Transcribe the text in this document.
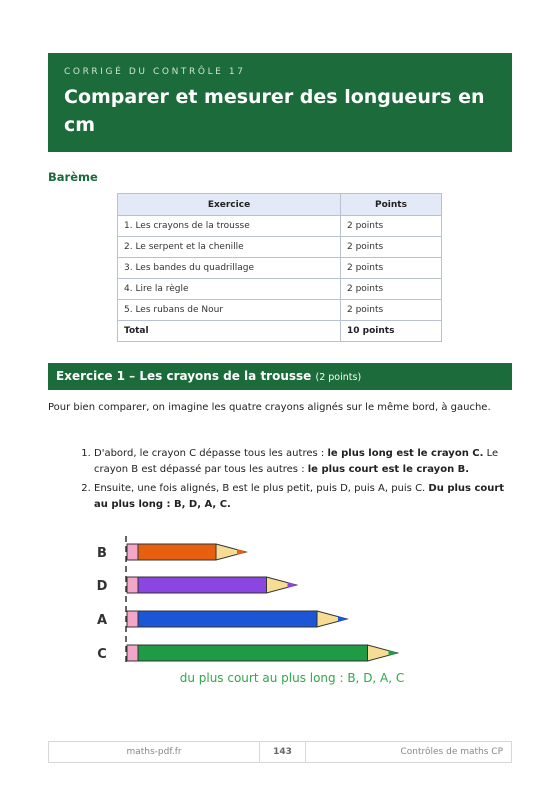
CORRIGÉ DU CONTRÔLE 17
Comparer et mesurer des longueurs en cm
Barème
Exercice	Points
1. Les crayons de la trousse	2 points
2. Le serpent et la chenille	2 points
3. Les bandes du quadrillage	2 points
4. Lire la règle	2 points
5. Les rubans de Nour	2 points
Total	10 points
Exercice 1 – Les crayons de la trousse (2 points)
Pour bien comparer, on imagine les quatre crayons alignés sur le même bord, à gauche.
1. D'abord, le crayon C dépasse tous les autres : le plus long est le crayon C. Le crayon B est dépassé par tous les autres : le plus court est le crayon B.
2. Ensuite, une fois alignés, B est le plus petit, puis D, puis A, puis C. Du plus court au plus long : B, D, A, C.
B
D
A
C
du plus court au plus long : B, D, A, C
maths-pdf.fr	143	Contrôles de maths CP
